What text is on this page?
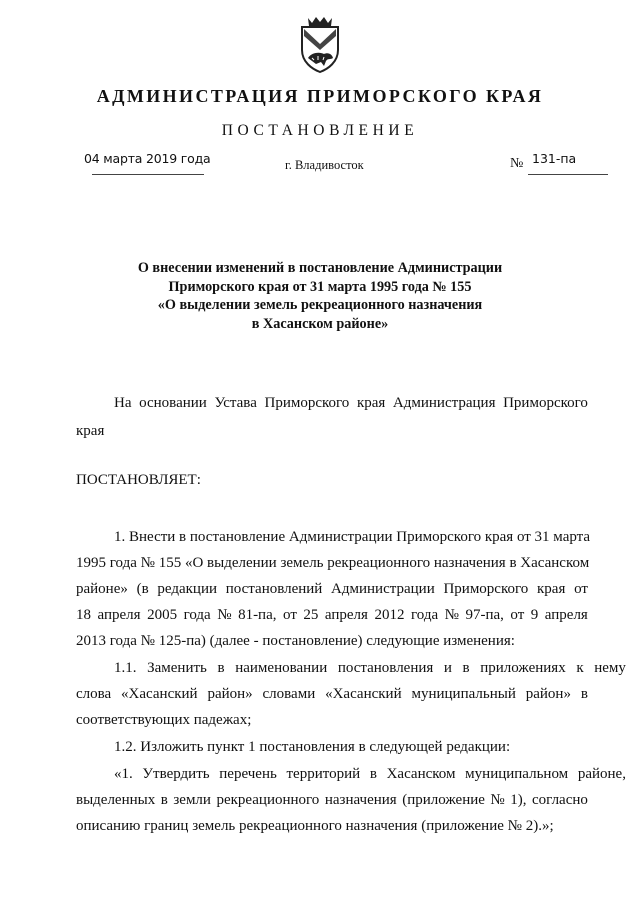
АДМИНИСТРАЦИЯ ПРИМОРСКОГО КРАЯ
ПОСТАНОВЛЕНИЕ
04 марта 2019 года	г. Владивосток	№ 131-па
О внесении изменений в постановление Администрации
Приморского края от 31 марта 1995 года № 155
«О выделении земель рекреационного назначения
в Хасанском районе»
На основании Устава Приморского края Администрация Приморского
края
ПОСТАНОВЛЯЕТ:
1. Внести в постановление Администрации Приморского края от 31 марта
1995 года № 155 «О выделении земель рекреационного назначения в Хасанском
районе» (в редакции постановлений Администрации Приморского края от
18 апреля 2005 года № 81-па, от 25 апреля 2012 года № 97-па, от 9 апреля
2013 года № 125-па) (далее - постановление) следующие изменения:
1.1. Заменить в наименовании постановления и в приложениях к нему
слова «Хасанский район» словами «Хасанский муниципальный район» в
соответствующих падежах;
1.2. Изложить пункт 1 постановления в следующей редакции:
«1. Утвердить перечень территорий в Хасанском муниципальном районе,
выделенных в земли рекреационного назначения (приложение № 1), согласно
описанию границ земель рекреационного назначения (приложение № 2).»;
